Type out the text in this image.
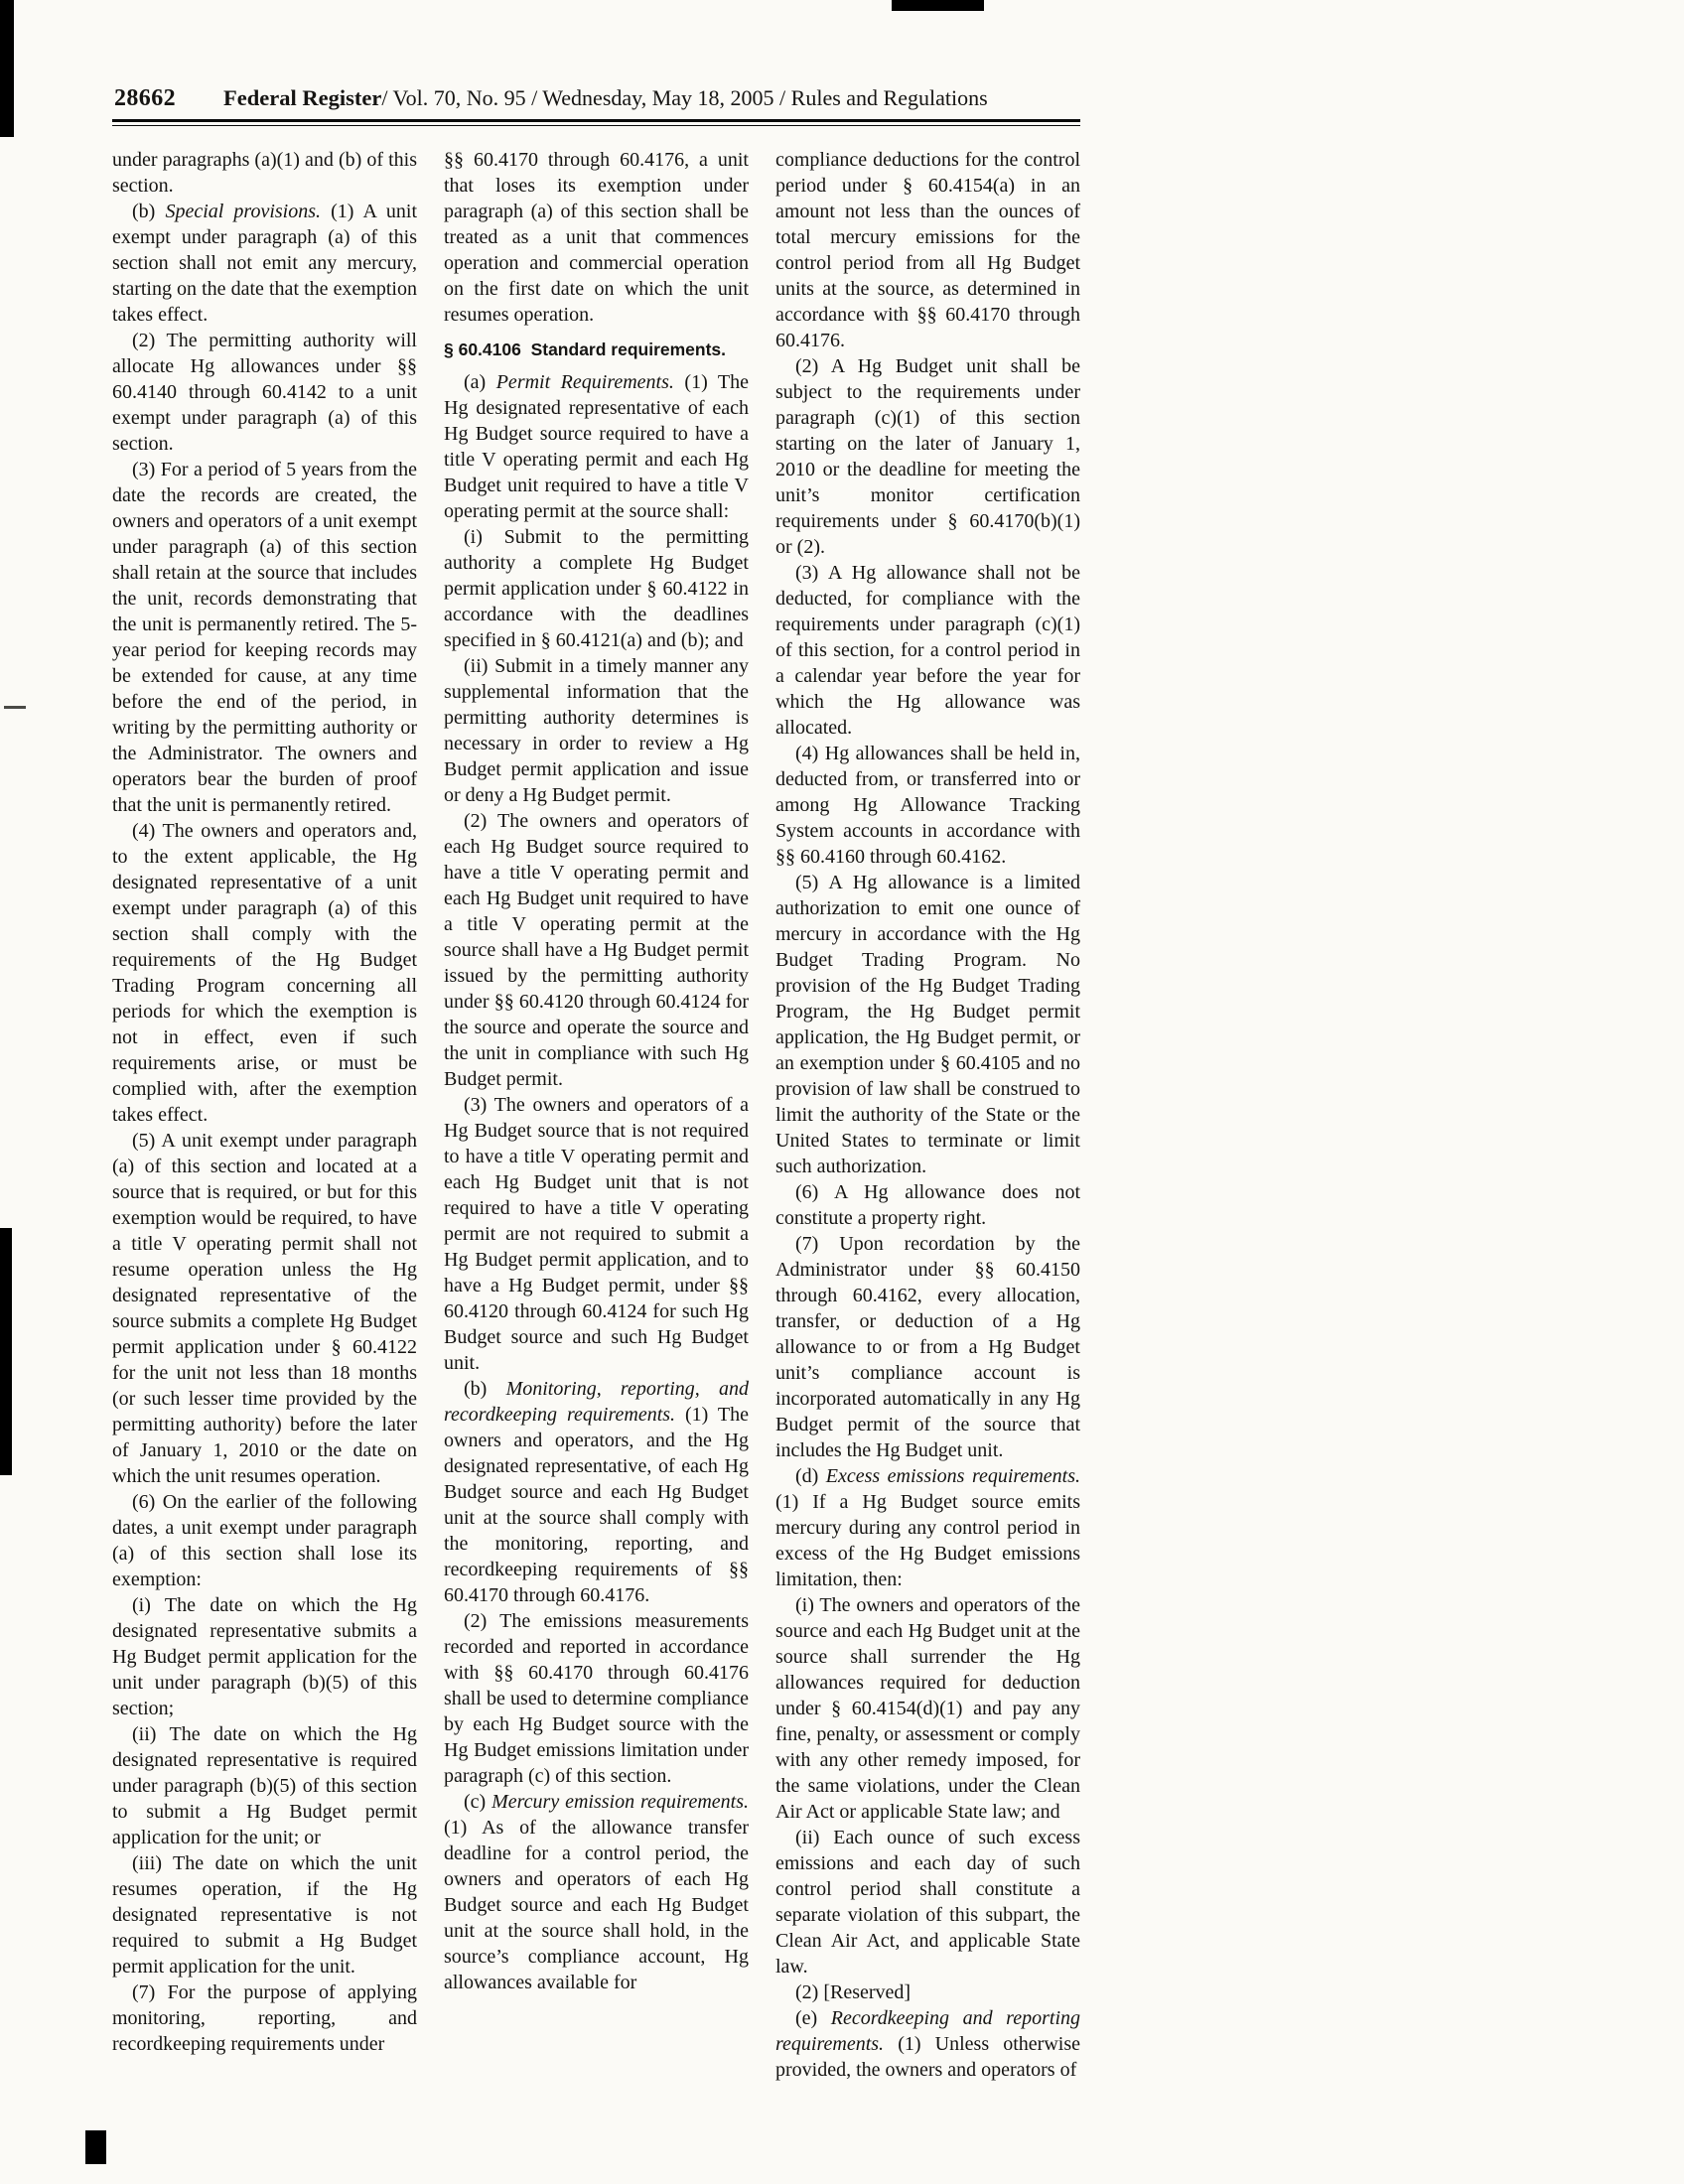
28662 Federal Register / Vol. 70, No. 95 / Wednesday, May 18, 2005 / Rules and Regulations

under paragraphs (a)(1) and (b) of this section.

(b) Special provisions. (1) A unit exempt under paragraph (a) of this section shall not emit any mercury, starting on the date that the exemption takes effect.

(2) The permitting authority will allocate Hg allowances under §§ 60.4140 through 60.4142 to a unit exempt under paragraph (a) of this section.

(3) For a period of 5 years from the date the records are created, the owners and operators of a unit exempt under paragraph (a) of this section shall retain at the source that includes the unit, records demonstrating that the unit is permanently retired. The 5-year period for keeping records may be extended for cause, at any time before the end of the period, in writing by the permitting authority or the Administrator. The owners and operators bear the burden of proof that the unit is permanently retired.

(4) The owners and operators and, to the extent applicable, the Hg designated representative of a unit exempt under paragraph (a) of this section shall comply with the requirements of the Hg Budget Trading Program concerning all periods for which the exemption is not in effect, even if such requirements arise, or must be complied with, after the exemption takes effect.

(5) A unit exempt under paragraph (a) of this section and located at a source that is required, or but for this exemption would be required, to have a title V operating permit shall not resume operation unless the Hg designated representative of the source submits a complete Hg Budget permit application under § 60.4122 for the unit not less than 18 months (or such lesser time provided by the permitting authority) before the later of January 1, 2010 or the date on which the unit resumes operation.

(6) On the earlier of the following dates, a unit exempt under paragraph (a) of this section shall lose its exemption:

(i) The date on which the Hg designated representative submits a Hg Budget permit application for the unit under paragraph (b)(5) of this section;

(ii) The date on which the Hg designated representative is required under paragraph (b)(5) of this section to submit a Hg Budget permit application for the unit; or

(iii) The date on which the unit resumes operation, if the Hg designated representative is not required to submit a Hg Budget permit application for the unit.

(7) For the purpose of applying monitoring, reporting, and recordkeeping requirements under

§§ 60.4170 through 60.4176, a unit that loses its exemption under paragraph (a) of this section shall be treated as a unit that commences operation and commercial operation on the first date on which the unit resumes operation.

§ 60.4106  Standard requirements.

(a) Permit Requirements. (1) The Hg designated representative of each Hg Budget source required to have a title V operating permit and each Hg Budget unit required to have a title V operating permit at the source shall:

(i) Submit to the permitting authority a complete Hg Budget permit application under § 60.4122 in accordance with the deadlines specified in § 60.4121(a) and (b); and

(ii) Submit in a timely manner any supplemental information that the permitting authority determines is necessary in order to review a Hg Budget permit application and issue or deny a Hg Budget permit.

(2) The owners and operators of each Hg Budget source required to have a title V operating permit and each Hg Budget unit required to have a title V operating permit at the source shall have a Hg Budget permit issued by the permitting authority under §§ 60.4120 through 60.4124 for the source and operate the source and the unit in compliance with such Hg Budget permit.

(3) The owners and operators of a Hg Budget source that is not required to have a title V operating permit and each Hg Budget unit that is not required to have a title V operating permit are not required to submit a Hg Budget permit application, and to have a Hg Budget permit, under §§ 60.4120 through 60.4124 for such Hg Budget source and such Hg Budget unit.

(b) Monitoring, reporting, and recordkeeping requirements. (1) The owners and operators, and the Hg designated representative, of each Hg Budget source and each Hg Budget unit at the source shall comply with the monitoring, reporting, and recordkeeping requirements of §§ 60.4170 through 60.4176.

(2) The emissions measurements recorded and reported in accordance with §§ 60.4170 through 60.4176 shall be used to determine compliance by each Hg Budget source with the Hg Budget emissions limitation under paragraph (c) of this section.

(c) Mercury emission requirements. (1) As of the allowance transfer deadline for a control period, the owners and operators of each Hg Budget source and each Hg Budget unit at the source shall hold, in the source’s compliance account, Hg allowances available for

compliance deductions for the control period under § 60.4154(a) in an amount not less than the ounces of total mercury emissions for the control period from all Hg Budget units at the source, as determined in accordance with §§ 60.4170 through 60.4176.

(2) A Hg Budget unit shall be subject to the requirements under paragraph (c)(1) of this section starting on the later of January 1, 2010 or the deadline for meeting the unit’s monitor certification requirements under § 60.4170(b)(1) or (2).

(3) A Hg allowance shall not be deducted, for compliance with the requirements under paragraph (c)(1) of this section, for a control period in a calendar year before the year for which the Hg allowance was allocated.

(4) Hg allowances shall be held in, deducted from, or transferred into or among Hg Allowance Tracking System accounts in accordance with §§ 60.4160 through 60.4162.

(5) A Hg allowance is a limited authorization to emit one ounce of mercury in accordance with the Hg Budget Trading Program. No provision of the Hg Budget Trading Program, the Hg Budget permit application, the Hg Budget permit, or an exemption under § 60.4105 and no provision of law shall be construed to limit the authority of the State or the United States to terminate or limit such authorization.

(6) A Hg allowance does not constitute a property right.

(7) Upon recordation by the Administrator under §§ 60.4150 through 60.4162, every allocation, transfer, or deduction of a Hg allowance to or from a Hg Budget unit’s compliance account is incorporated automatically in any Hg Budget permit of the source that includes the Hg Budget unit.

(d) Excess emissions requirements. (1) If a Hg Budget source emits mercury during any control period in excess of the Hg Budget emissions limitation, then:

(i) The owners and operators of the source and each Hg Budget unit at the source shall surrender the Hg allowances required for deduction under § 60.4154(d)(1) and pay any fine, penalty, or assessment or comply with any other remedy imposed, for the same violations, under the Clean Air Act or applicable State law; and

(ii) Each ounce of such excess emissions and each day of such control period shall constitute a separate violation of this subpart, the Clean Air Act, and applicable State law.

(2) [Reserved]

(e) Recordkeeping and reporting requirements. (1) Unless otherwise provided, the owners and operators of
